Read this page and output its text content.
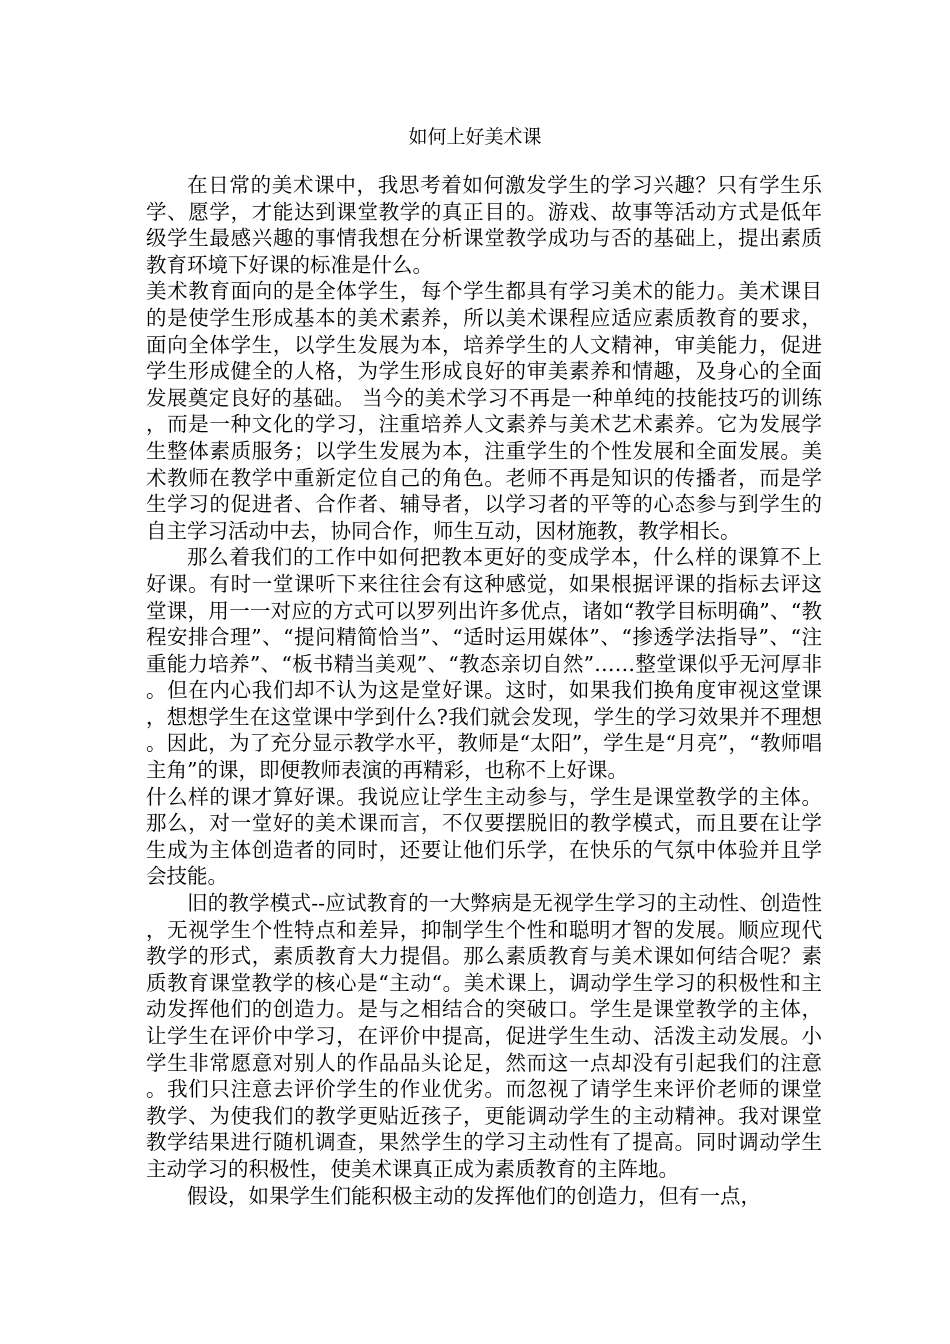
如何上好美术课

在日常的美术课中，我思考着如何激发学生的学习兴趣？只有学生乐学、愿学，才能达到课堂教学的真正目的。游戏、故事等活动方式是低年级学生最感兴趣的事情我想在分析课堂教学成功与否的基础上，提出素质教育环境下好课的标准是什么。

美术教育面向的是全体学生，每个学生都具有学习美术的能力。美术课目的是使学生形成基本的美术素养，所以美术课程应适应素质教育的要求，面向全体学生，以学生发展为本，培养学生的人文精神，审美能力，促进学生形成健全的人格，为学生形成良好的审美素养和情趣，及身心的全面发展奠定良好的基础。 当今的美术学习不再是一种单纯的技能技巧的训练，而是一种文化的学习，注重培养人文素养与美术艺术素养。它为发展学生整体素质服务；以学生发展为本，注重学生的个性发展和全面发展。美术教师在教学中重新定位自己的角色。老师不再是知识的传播者，而是学生学习的促进者、合作者、辅导者，以学习者的平等的心态参与到学生的自主学习活动中去，协同合作，师生互动，因材施教，教学相长。

那么着我们的工作中如何把教本更好的变成学本，什么样的课算不上好课。有时一堂课听下来往往会有这种感觉，如果根据评课的指标去评这堂课，用一一对应的方式可以罗列出许多优点，诸如“教学目标明确”、“教程安排合理”、“提问精简恰当”、“适时运用媒体”、“掺透学法指导”、“注重能力培养”、“板书精当美观”、“教态亲切自然”……整堂课似乎无河厚非。但在内心我们却不认为这是堂好课。这时，如果我们换角度审视这堂课，想想学生在这堂课中学到什么?我们就会发现，学生的学习效果并不理想。因此，为了充分显示教学水平，教师是“太阳”，学生是“月亮”，“教师唱主角”的课，即便教师表演的再精彩，也称不上好课。

什么样的课才算好课。我说应让学生主动参与，学生是课堂教学的主体。那么，对一堂好的美术课而言，不仅要摆脱旧的教学模式，而且要在让学生成为主体创造者的同时，还要让他们乐学，在快乐的气氛中体验并且学会技能。

旧的教学模式--应试教育的一大弊病是无视学生学习的主动性、创造性，无视学生个性特点和差异，抑制学生个性和聪明才智的发展。顺应现代教学的形式，素质教育大力提倡。那么素质教育与美术课如何结合呢？素质教育课堂教学的核心是“主动“。美术课上，调动学生学习的积极性和主动发挥他们的创造力。是与之相结合的突破口。学生是课堂教学的主体，让学生在评价中学习，在评价中提高，促进学生生动、活泼主动发展。小学生非常愿意对别人的作品品头论足，然而这一点却没有引起我们的注意。我们只注意去评价学生的作业优劣。而忽视了请学生来评价老师的课堂教学、为使我们的教学更贴近孩子，更能调动学生的主动精神。我对课堂教学结果进行随机调查，果然学生的学习主动性有了提高。同时调动学生主动学习的积极性，使美术课真正成为素质教育的主阵地。

假设，如果学生们能积极主动的发挥他们的创造力，但有一点，
